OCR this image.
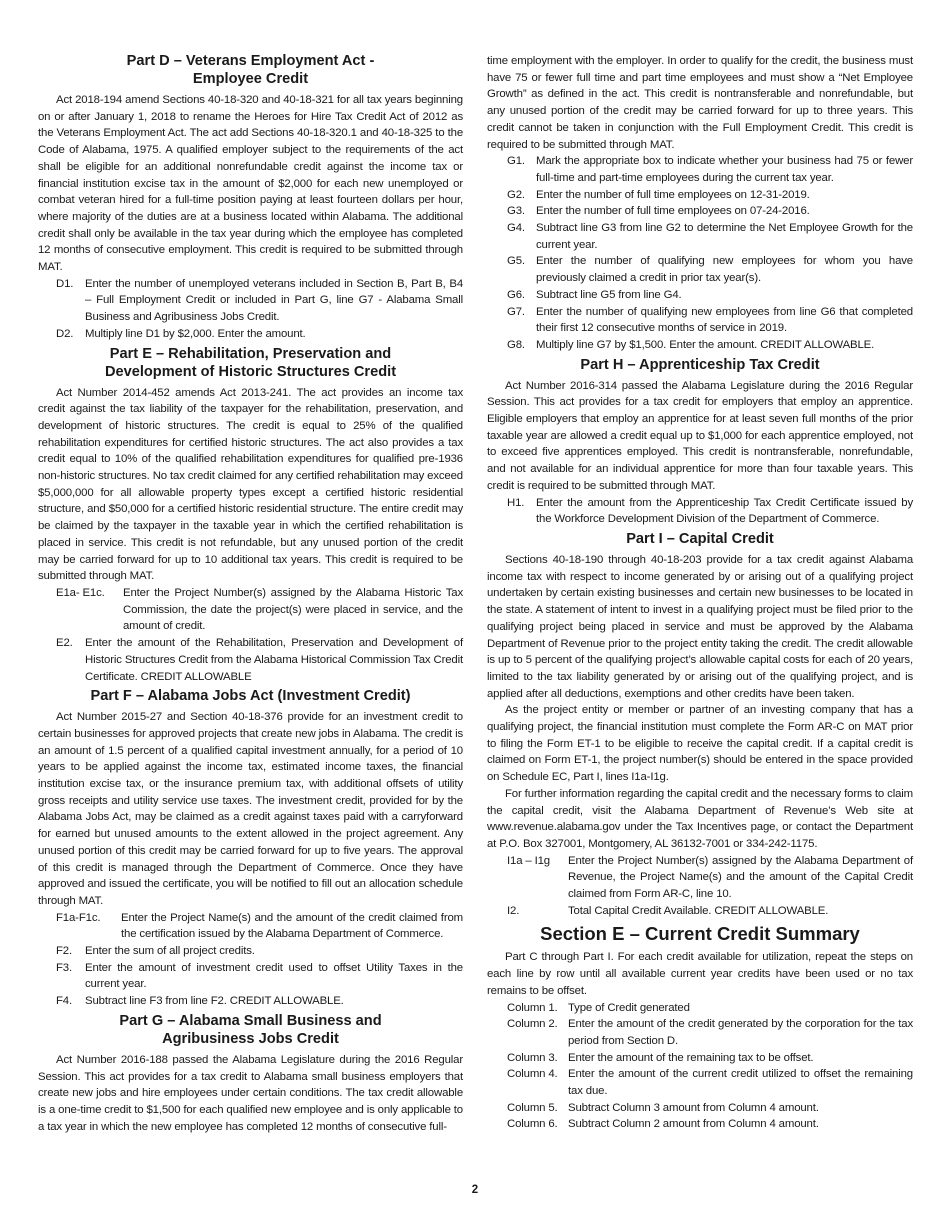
Part D – Veterans Employment Act -
Employee Credit

Act 2018-194 amend Sections 40-18-320 and 40-18-321 for all tax years beginning on or after January 1, 2018 to rename the Heroes for Hire Tax Credit Act of 2012 as the Veterans Employment Act. The act add Sections 40-18-320.1 and 40-18-325 to the Code of Alabama, 1975. A qualified employer subject to the requirements of the act shall be eligible for an additional nonrefundable credit against the income tax or financial institution excise tax in the amount of $2,000 for each new unemployed or combat veteran hired for a full-time position paying at least fourteen dollars per hour, where majority of the duties are at a business located within Alabama. The additional credit shall only be available in the tax year during which the employee has completed 12 months of consecutive employment. This credit is required to be submitted through MAT.

D1.	Enter the number of unemployed veterans included in Section B, Part B, B4 – Full Employment Credit or included in Part G, line G7 - Alabama Small Business and Agribusiness Jobs Credit.
D2.	Multiply line D1 by $2,000. Enter the amount.
Part E – Rehabilitation, Preservation and
Development of Historic Structures Credit

Act Number 2014-452 amends Act 2013-241. The act provides an income tax credit against the tax liability of the taxpayer for the rehabilitation, preservation, and development of historic structures. The credit is equal to 25% of the qualified rehabilitation expenditures for certified historic structures. The act also provides a tax credit equal to 10% of the qualified rehabilitation expenditures for qualified pre-1936 non-historic structures. No tax credit claimed for any certified rehabilitation may exceed $5,000,000 for all allowable property types except a certified historic residential structure, and $50,000 for a certified historic residential structure. The entire credit may be claimed by the taxpayer in the taxable year in which the certified rehabilitation is placed in service. This credit is not refundable, but any unused portion of the credit may be carried forward for up to 10 additional tax years. This credit is required to be submitted through MAT.

E1a- E1c.	Enter the Project Number(s) assigned by the Alabama Historic Tax Commission, the date the project(s) were placed in service, and the amount of credit.
E2.	Enter the amount of the Rehabilitation, Preservation and Development of Historic Structures Credit from the Alabama Historical Commission Tax Credit Certificate. CREDIT ALLOWABLE
Part F – Alabama Jobs Act (Investment Credit)

Act Number 2015-27 and Section 40-18-376 provide for an investment credit to certain businesses for approved projects that create new jobs in Alabama. The credit is an amount of 1.5 percent of a qualified capital investment annually, for a period of 10 years to be applied against the income tax, estimated income taxes, the financial institution excise tax, or the insurance premium tax, with additional offsets of utility gross receipts and utility service use taxes. The investment credit, provided for by the Alabama Jobs Act, may be claimed as a credit against taxes paid with a carryforward for earned but unused amounts to the extent allowed in the project agreement. Any unused portion of this credit may be carried forward for up to five years. The approval of this credit is managed through the Department of Commerce. Once they have approved and issued the certificate, you will be notified to fill out an allocation schedule through MAT.

F1a-F1c.	Enter the Project Name(s) and the amount of the credit claimed from the certification issued by the Alabama Department of Commerce.
F2.	Enter the sum of all project credits.
F3.	Enter the amount of investment credit used to offset Utility Taxes in the current year.
F4.	Subtract line F3 from line F2. CREDIT ALLOWABLE.
Part G – Alabama Small Business and
Agribusiness Jobs Credit

Act Number 2016-188 passed the Alabama Legislature during the 2016 Regular Session. This act provides for a tax credit to Alabama small business employers that create new jobs and hire employees under certain conditions. The tax credit allowable is a one-time credit to $1,500 for each qualified new employee and is only applicable to a tax year in which the new employee has completed 12 months of consecutive full-

time employment with the employer. In order to qualify for the credit, the business must have 75 or fewer full time and part time employees and must show a “Net Employee Growth” as defined in the act. This credit is nontransferable and nonrefundable, but any unused portion of the credit may be carried forward for up to three years. This credit cannot be taken in conjunction with the Full Employment Credit. This credit is required to be submitted through MAT.

G1. Mark the appropriate box to indicate whether your business had 75 or fewer full-time and part-time employees during the current tax year.
G2. Enter the number of full time employees on 12-31-2019.
G3. Enter the number of full time employees on 07-24-2016.
G4. Subtract line G3 from line G2 to determine the Net Employee Growth for the current year.
G5. Enter the number of qualifying new employees for whom you have previously claimed a credit in prior tax year(s).
G6. Subtract line G5 from line G4.
G7. Enter the number of qualifying new employees from line G6 that completed their first 12 consecutive months of service in 2019.
G8. Multiply line G7 by $1,500. Enter the amount. CREDIT ALLOWABLE.
Part H – Apprenticeship Tax Credit

Act Number 2016-314 passed the Alabama Legislature during the 2016 Regular Session. This act provides for a tax credit for employers that employ an apprentice. Eligible employers that employ an apprentice for at least seven full months of the prior taxable year are allowed a credit equal up to $1,000 for each apprentice employed, not to exceed five apprentices employed. This credit is nontransferable, nonrefundable, and not available for an individual apprentice for more than four taxable years. This credit is required to be submitted through MAT.

H1.	Enter the amount from the Apprenticeship Tax Credit Certificate issued by the Workforce Development Division of the Department of Commerce.
Part I – Capital Credit

Sections 40-18-190 through 40-18-203 provide for a tax credit against Alabama income tax with respect to income generated by or arising out of a qualifying project undertaken by certain existing businesses and certain new businesses to be located in the state. A statement of intent to invest in a qualifying project must be filed prior to the qualifying project being placed in service and must be approved by the Alabama Department of Revenue prior to the project entity taking the credit. The credit allowable is up to 5 percent of the qualifying project’s allowable capital costs for each of 20 years, limited to the tax liability generated by or arising out of the qualifying project, and is applied after all deductions, exemptions and other credits have been taken.

As the project entity or member or partner of an investing company that has a qualifying project, the financial institution must complete the Form AR-C on MAT prior to filing the Form ET-1 to be eligible to receive the capital credit. If a capital credit is claimed on Form ET-1, the project number(s) should be entered in the space provided on Schedule EC, Part I, lines I1a-I1g.

For further information regarding the capital credit and the necessary forms to claim the capital credit, visit the Alabama Department of Revenue’s Web site at www.revenue.alabama.gov under the Tax Incentives page, or contact the Department at P.O. Box 327001, Montgomery, AL 36132-7001 or 334-242-1175.

I1a – I1g	Enter the Project Number(s) assigned by the Alabama Department of Revenue, the Project Name(s) and the amount of the Capital Credit claimed from Form AR-C, line 10.
I2.	Total Capital Credit Available. CREDIT ALLOWABLE.
Section E – Current Credit Summary

Part C through Part I. For each credit available for utilization, repeat the steps on each line by row until all available current year credits have been used or no tax remains to be offset.

Column 1. Type of Credit generated
Column 2. Enter the amount of the credit generated by the corporation for the tax period from Section D.
Column 3. Enter the amount of the remaining tax to be offset.
Column 4. Enter the amount of the current credit utilized to offset the remaining tax due.
Column 5. Subtract Column 3 amount from Column 4 amount.
Column 6. Subtract Column 2 amount from Column 4 amount.
2
